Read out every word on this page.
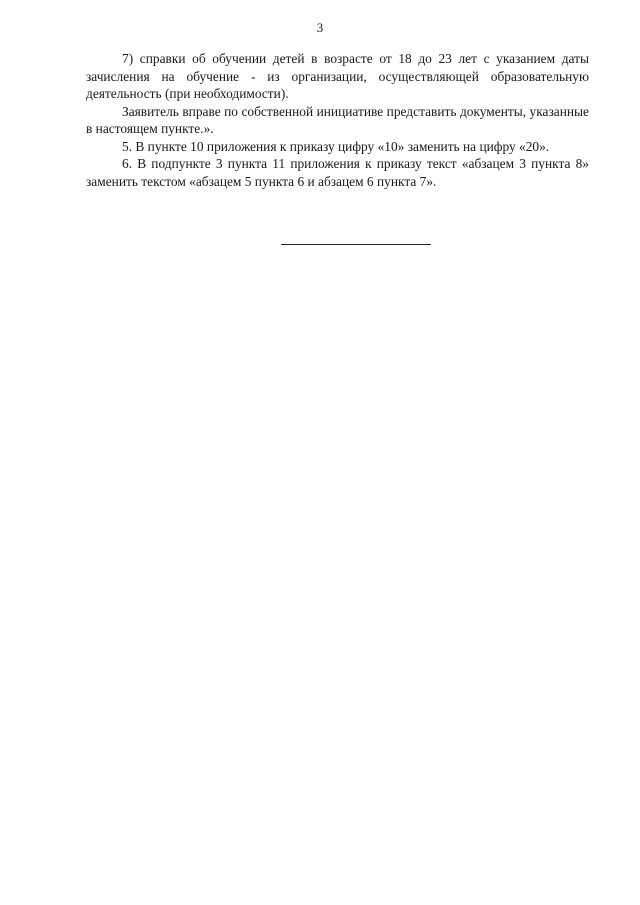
3

7) справки об обучении детей в возрасте от 18 до 23 лет с указанием даты зачисления на обучение - из организации, осуществляющей образовательную деятельность (при необходимости).

Заявитель вправе по собственной инициативе представить документы, указанные в настоящем пункте.».

5. В пункте 10 приложения к приказу цифру «10» заменить на цифру «20».

6. В подпункте 3 пункта 11 приложения к приказу текст «абзацем 3 пункта 8» заменить текстом «абзацем 5 пункта 6 и абзацем 6 пункта 7».
